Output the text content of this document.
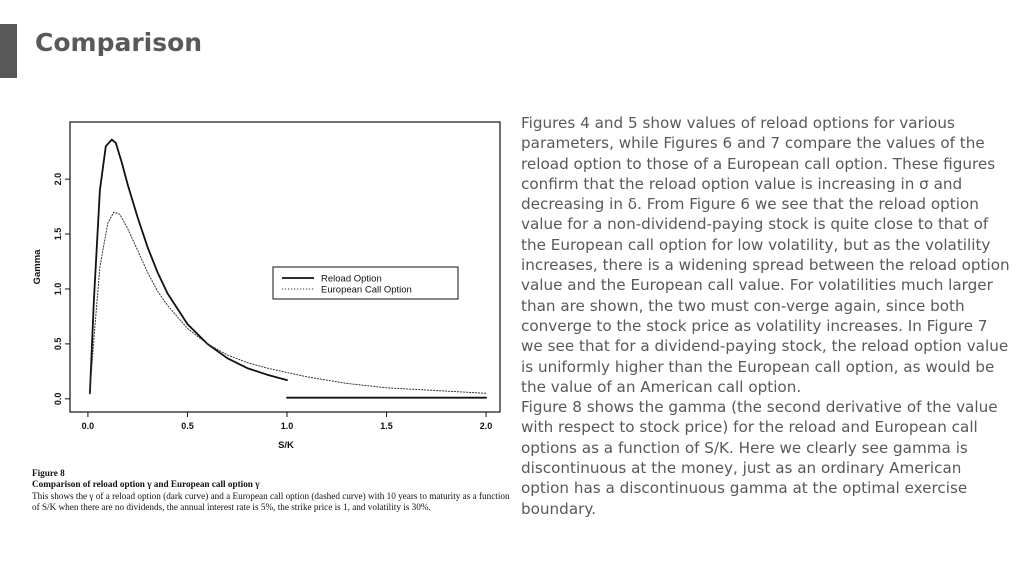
Comparison
0.0	0.5	1.0	1.5	2.0
0.0
0.5
1.0
1.5
2.0
Reload Option
European Call Option
S/K
Gamma
Figure 8
Comparison of reload option γ and European call option γ
This shows the γ of a reload option (dark curve) and a European call option (dashed curve) with 10 years to maturity as a function of S/K when there are no dividends, the annual interest rate is 5%, the strike price is 1, and volatility is 30%.

Figures 4 and 5 show values of reload options for various parameters, while Figures 6 and 7 compare the values of the reload option to those of a European call option. These figures confirm that the reload option value is increasing in σ and decreasing in δ. From Figure 6 we see that the reload option value for a non-dividend-paying stock is quite close to that of the European call option for low volatility, but as the volatility increases, there is a widening spread between the reload option value and the European call value. For volatilities much larger than are shown, the two must con-verge again, since both converge to the stock price as volatility increases. In Figure 7 we see that for a dividend-paying stock, the reload option value is uniformly higher than the European call option, as would be the value of an American call option.

Figure 8 shows the gamma (the second derivative of the value with respect to stock price) for the reload and European call options as a function of S/K. Here we clearly see gamma is discontinuous at the money, just as an ordinary American option has a discontinuous gamma at the optimal exercise boundary.
